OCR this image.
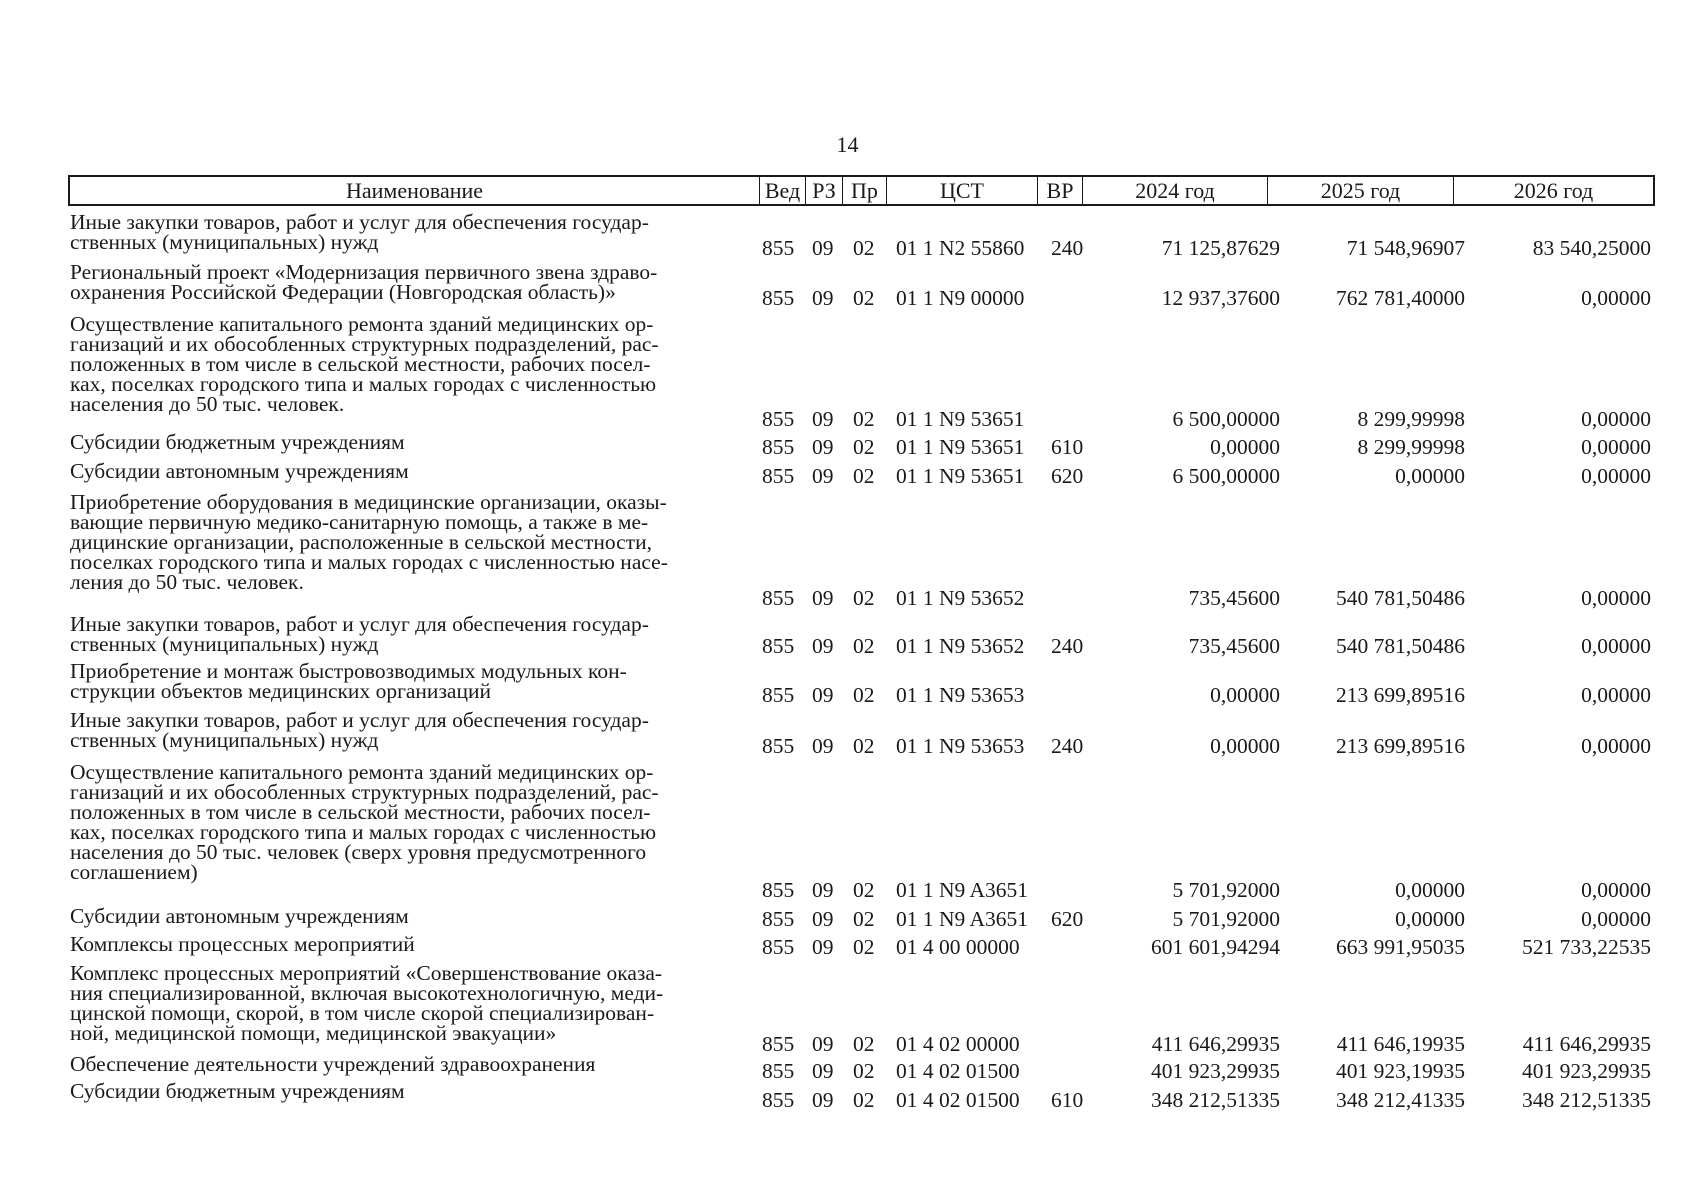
14
Наименование	Вед РЗ Пр	ЦСТ	ВР	2024 год	2025 год	2026 год
Иные закупки товаров, работ и услуг для обеспечения государ-
ственных (муниципальных) нужд	855 09 02 01 1 N2 55860 240	71 125,87629	71 548,96907	83 540,25000
Региональный проект «Модернизация первичного звена здраво-
охранения Российской Федерации (Новгородская область)»	855 09 02 01 1 N9 00000	12 937,37600	762 781,40000	0,00000
Осуществление капитального ремонта зданий медицинских ор-
ганизаций и их обособленных структурных подразделений, рас-
положенных в том числе в сельской местности, рабочих посел-
ках, поселках городского типа и малых городах с численностью
населения до 50 тыс. человек.
855 09 02 01 1 N9 53651	6 500,00000	8 299,99998	0,00000
Субсидии бюджетным учреждениям	855 09 02 01 1 N9 53651 610	0,00000	8 299,99998	0,00000
Субсидии автономным учреждениям	855 09 02 01 1 N9 53651 620	6 500,00000	0,00000	0,00000
Приобретение оборудования в медицинские организации, оказы-
вающие первичную медико-санитарную помощь, а также в ме-
дицинские организации, расположенные в сельской местности,
поселках городского типа и малых городах с численностью насе-
ления до 50 тыс. человек.
855 09 02 01 1 N9 53652	735,45600	540 781,50486	0,00000
Иные закупки товаров, работ и услуг для обеспечения государ-
ственных (муниципальных) нужд	855 09 02 01 1 N9 53652 240	735,45600	540 781,50486	0,00000
Приобретение и монтаж быстровозводимых модульных кон-
струкции объектов медицинских организаций	855 09 02 01 1 N9 53653	0,00000	213 699,89516	0,00000
Иные закупки товаров, работ и услуг для обеспечения государ-
ственных (муниципальных) нужд	855 09 02 01 1 N9 53653 240	0,00000	213 699,89516	0,00000
Осуществление капитального ремонта зданий медицинских ор-
ганизаций и их обособленных структурных подразделений, рас-
положенных в том числе в сельской местности, рабочих посел-
ках, поселках городского типа и малых городах с численностью
населения до 50 тыс. человек (сверх уровня предусмотренного
соглашением)
855 09 02 01 1 N9 A3651	5 701,92000	0,00000	0,00000
Субсидии автономным учреждениям	855 09 02 01 1 N9 A3651 620	5 701,92000	0,00000	0,00000
Комплексы процессных мероприятий	855 09 02 01 4 00 00000	601 601,94294	663 991,95035	521 733,22535
Комплекс процессных мероприятий «Совершенствование оказа-
ния специализированной, включая высокотехнологичную, меди-
цинской помощи, скорой, в том числе скорой специализирован-
ной, медицинской помощи, медицинской эвакуации»	855 09 02 01 4 02 00000	411 646,29935	411 646,19935	411 646,29935
Обеспечение деятельности учреждений здравоохранения	855 09 02 01 4 02 01500	401 923,29935	401 923,19935	401 923,29935
Субсидии бюджетным учреждениям	855 09 02 01 4 02 01500 610	348 212,51335	348 212,41335	348 212,51335
